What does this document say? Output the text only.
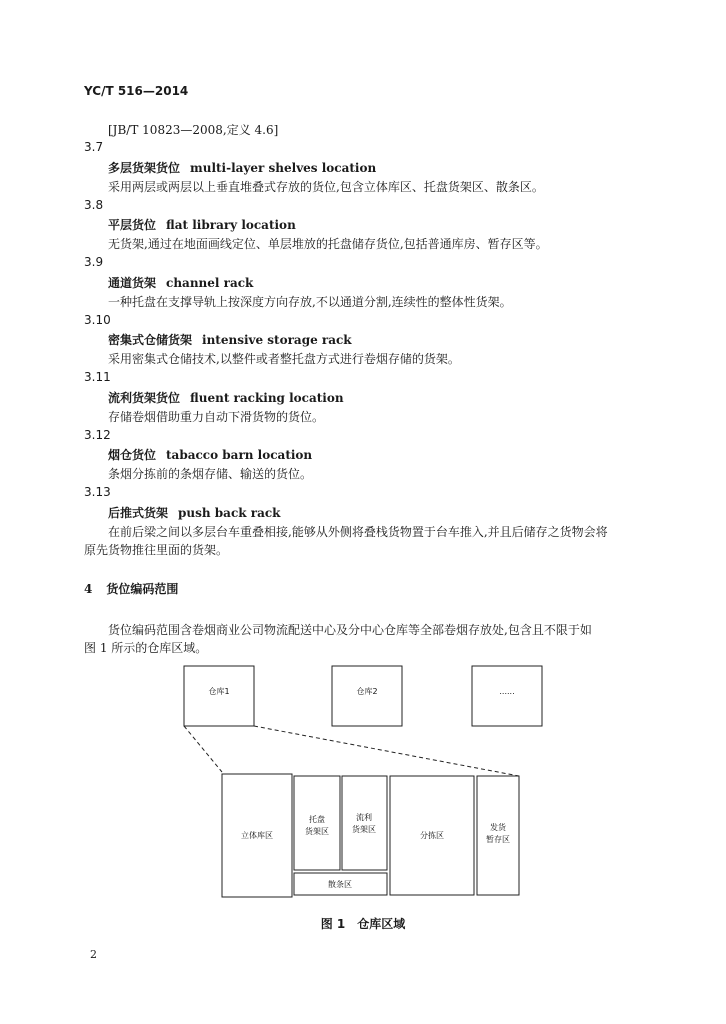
YC/T 516—2014
[JB/T 10823—2008,定义 4.6]
3.7
多层货架货位 multi-layer shelves location
采用两层或两层以上垂直堆叠式存放的货位,包含立体库区、托盘货架区、散条区。
3.8
平层货位 flat library location
无货架,通过在地面画线定位、单层堆放的托盘储存货位,包括普通库房、暂存区等。
3.9
通道货架 channel rack
一种托盘在支撑导轨上按深度方向存放,不以通道分割,连续性的整体性货架。
3.10
密集式仓储货架 intensive storage rack
采用密集式仓储技术,以整件或者整托盘方式进行卷烟存储的货架。
3.11
流利货架货位 fluent racking location
存储卷烟借助重力自动下滑货物的货位。
3.12
烟仓货位 tabacco barn location
条烟分拣前的条烟存储、输送的货位。
3.13
后推式货架 push back rack
在前后梁之间以多层台车重叠相接,能够从外侧将叠栈货物置于台车推入,并且后储存之货物会将
原先货物推往里面的货架。
4 货位编码范围
货位编码范围含卷烟商业公司物流配送中心及分中心仓库等全部卷烟存放处,包含且不限于如
图 1 所示的仓库区域。
仓库1	仓库2	......
立体库区
托盘
货架区
流利
货架区
散条区
分拣区
发货
暂存区
图 1　仓库区域
2
